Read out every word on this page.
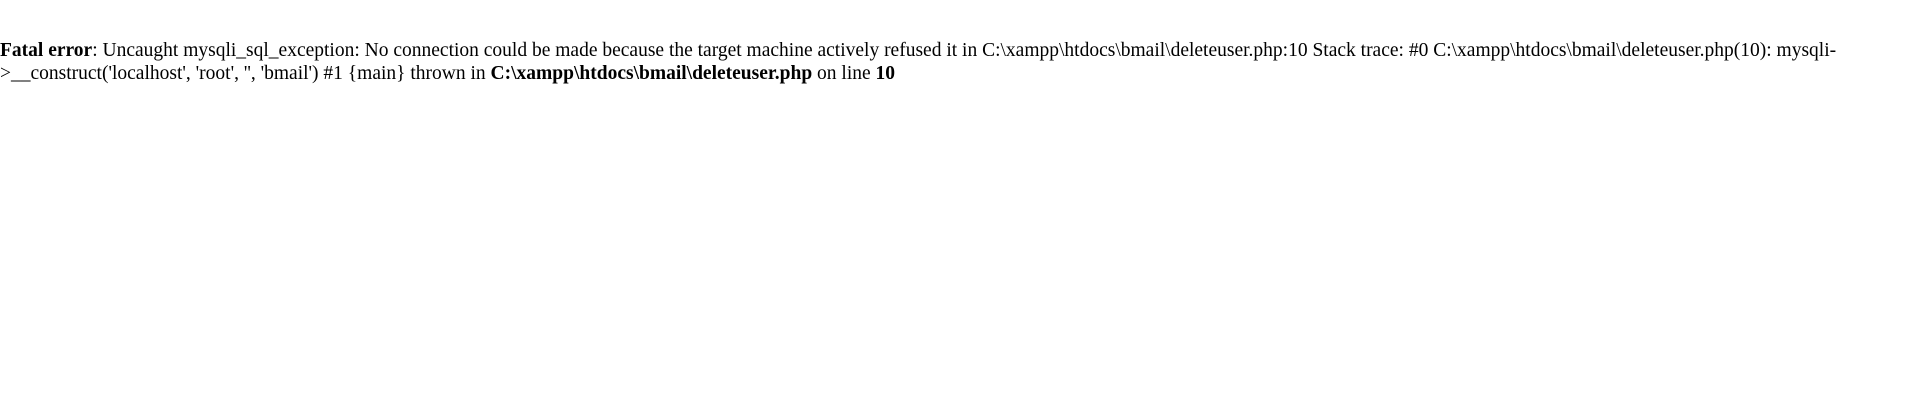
Fatal error: Uncaught mysqli_sql_exception: No connection could be made because the target machine actively refused it in C:\xampp\htdocs\bmail\deleteuser.php:10 Stack trace: #0 C:\xampp\htdocs\bmail\deleteuser.php(10): mysqli->__construct('localhost', 'root', '', 'bmail') #1 {main} thrown in C:\xampp\htdocs\bmail\deleteuser.php on line 10
